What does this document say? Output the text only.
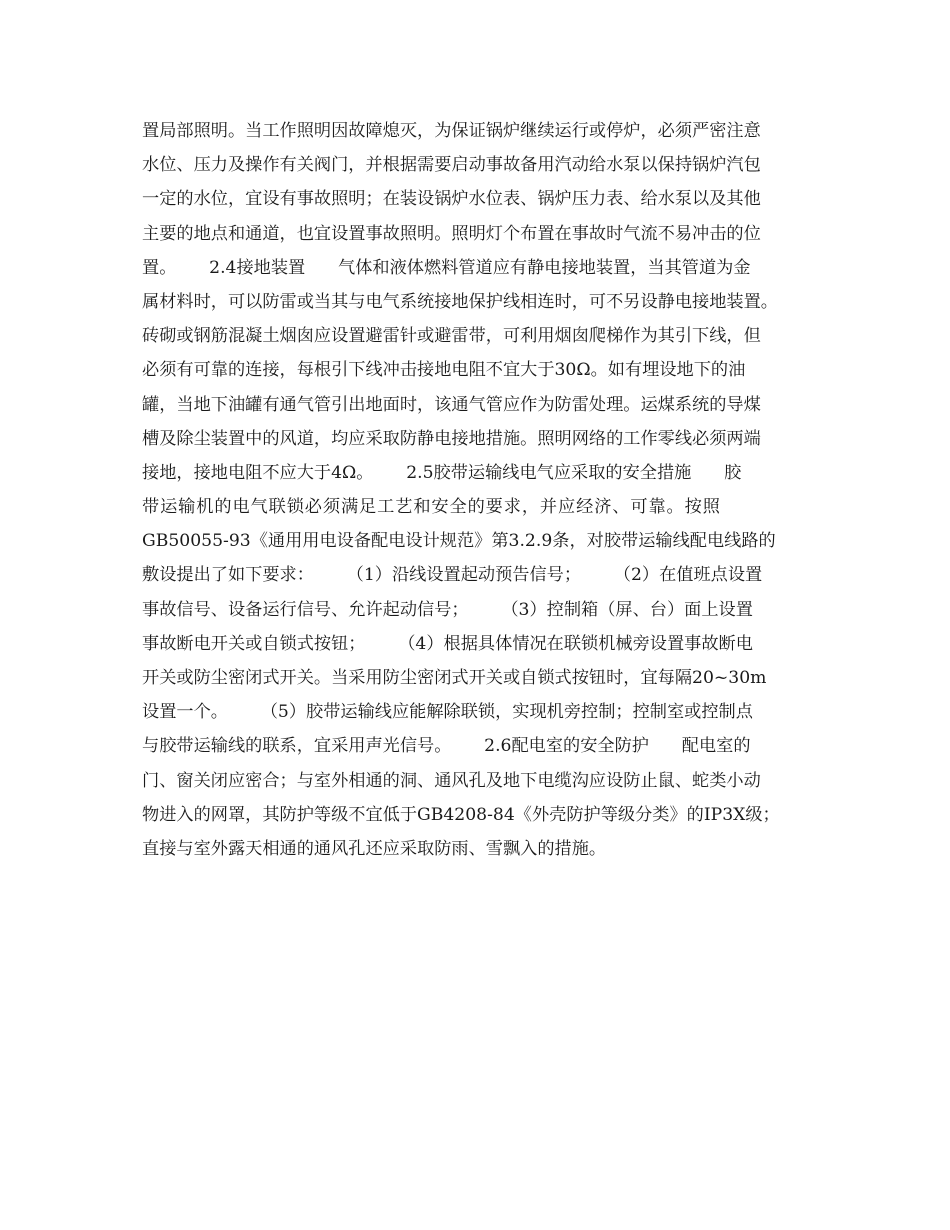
置局部照明。当工作照明因故障熄灭，为保证锅炉继续运行或停炉，必须严密注意
水位、压力及操作有关阀门，并根据需要启动事故备用汽动给水泵以保持锅炉汽包
一定的水位，宜设有事故照明；在装设锅炉水位表、锅炉压力表、给水泵以及其他
主要的地点和通道，也宜设置事故照明。照明灯个布置在事故时气流不易冲击的位
置。      2.4接地装置      气体和液体燃料管道应有静电接地装置，当其管道为金
属材料时，可以防雷或当其与电气系统接地保护线相连时，可不另设静电接地装置。
砖砌或钢筋混凝土烟囱应设置避雷针或避雷带，可利用烟囱爬梯作为其引下线，但
必须有可靠的连接，每根引下线冲击接地电阻不宜大于30Ω。如有埋设地下的油
罐，当地下油罐有通气管引出地面时，该通气管应作为防雷处理。运煤系统的导煤
槽及除尘装置中的风道，均应采取防静电接地措施。照明网络的工作零线必须两端
接地，接地电阻不应大于4Ω。      2.5胶带运输线电气应采取的安全措施      胶
带运输机的电气联锁必须满足工艺和安全的要求，并应经济、可靠。按照
GB50055-93《通用用电设备配电设计规范》第3.2.9条，对胶带运输线配电线路的
敷设提出了如下要求：      （1）沿线设置起动预告信号；      （2）在值班点设置
事故信号、设备运行信号、允许起动信号；      （3）控制箱（屏、台）面上设置
事故断电开关或自锁式按钮；      （4）根据具体情况在联锁机械旁设置事故断电
开关或防尘密闭式开关。当采用防尘密闭式开关或自锁式按钮时，宜每隔20~30m
设置一个。      （5）胶带运输线应能解除联锁，实现机旁控制；控制室或控制点
与胶带运输线的联系，宜采用声光信号。      2.6配电室的安全防护      配电室的
门、窗关闭应密合；与室外相通的洞、通风孔及地下电缆沟应设防止鼠、蛇类小动
物进入的网罩，其防护等级不宜低于GB4208-84《外壳防护等级分类》的IP3X级；
直接与室外露天相通的通风孔还应采取防雨、雪飘入的措施。
